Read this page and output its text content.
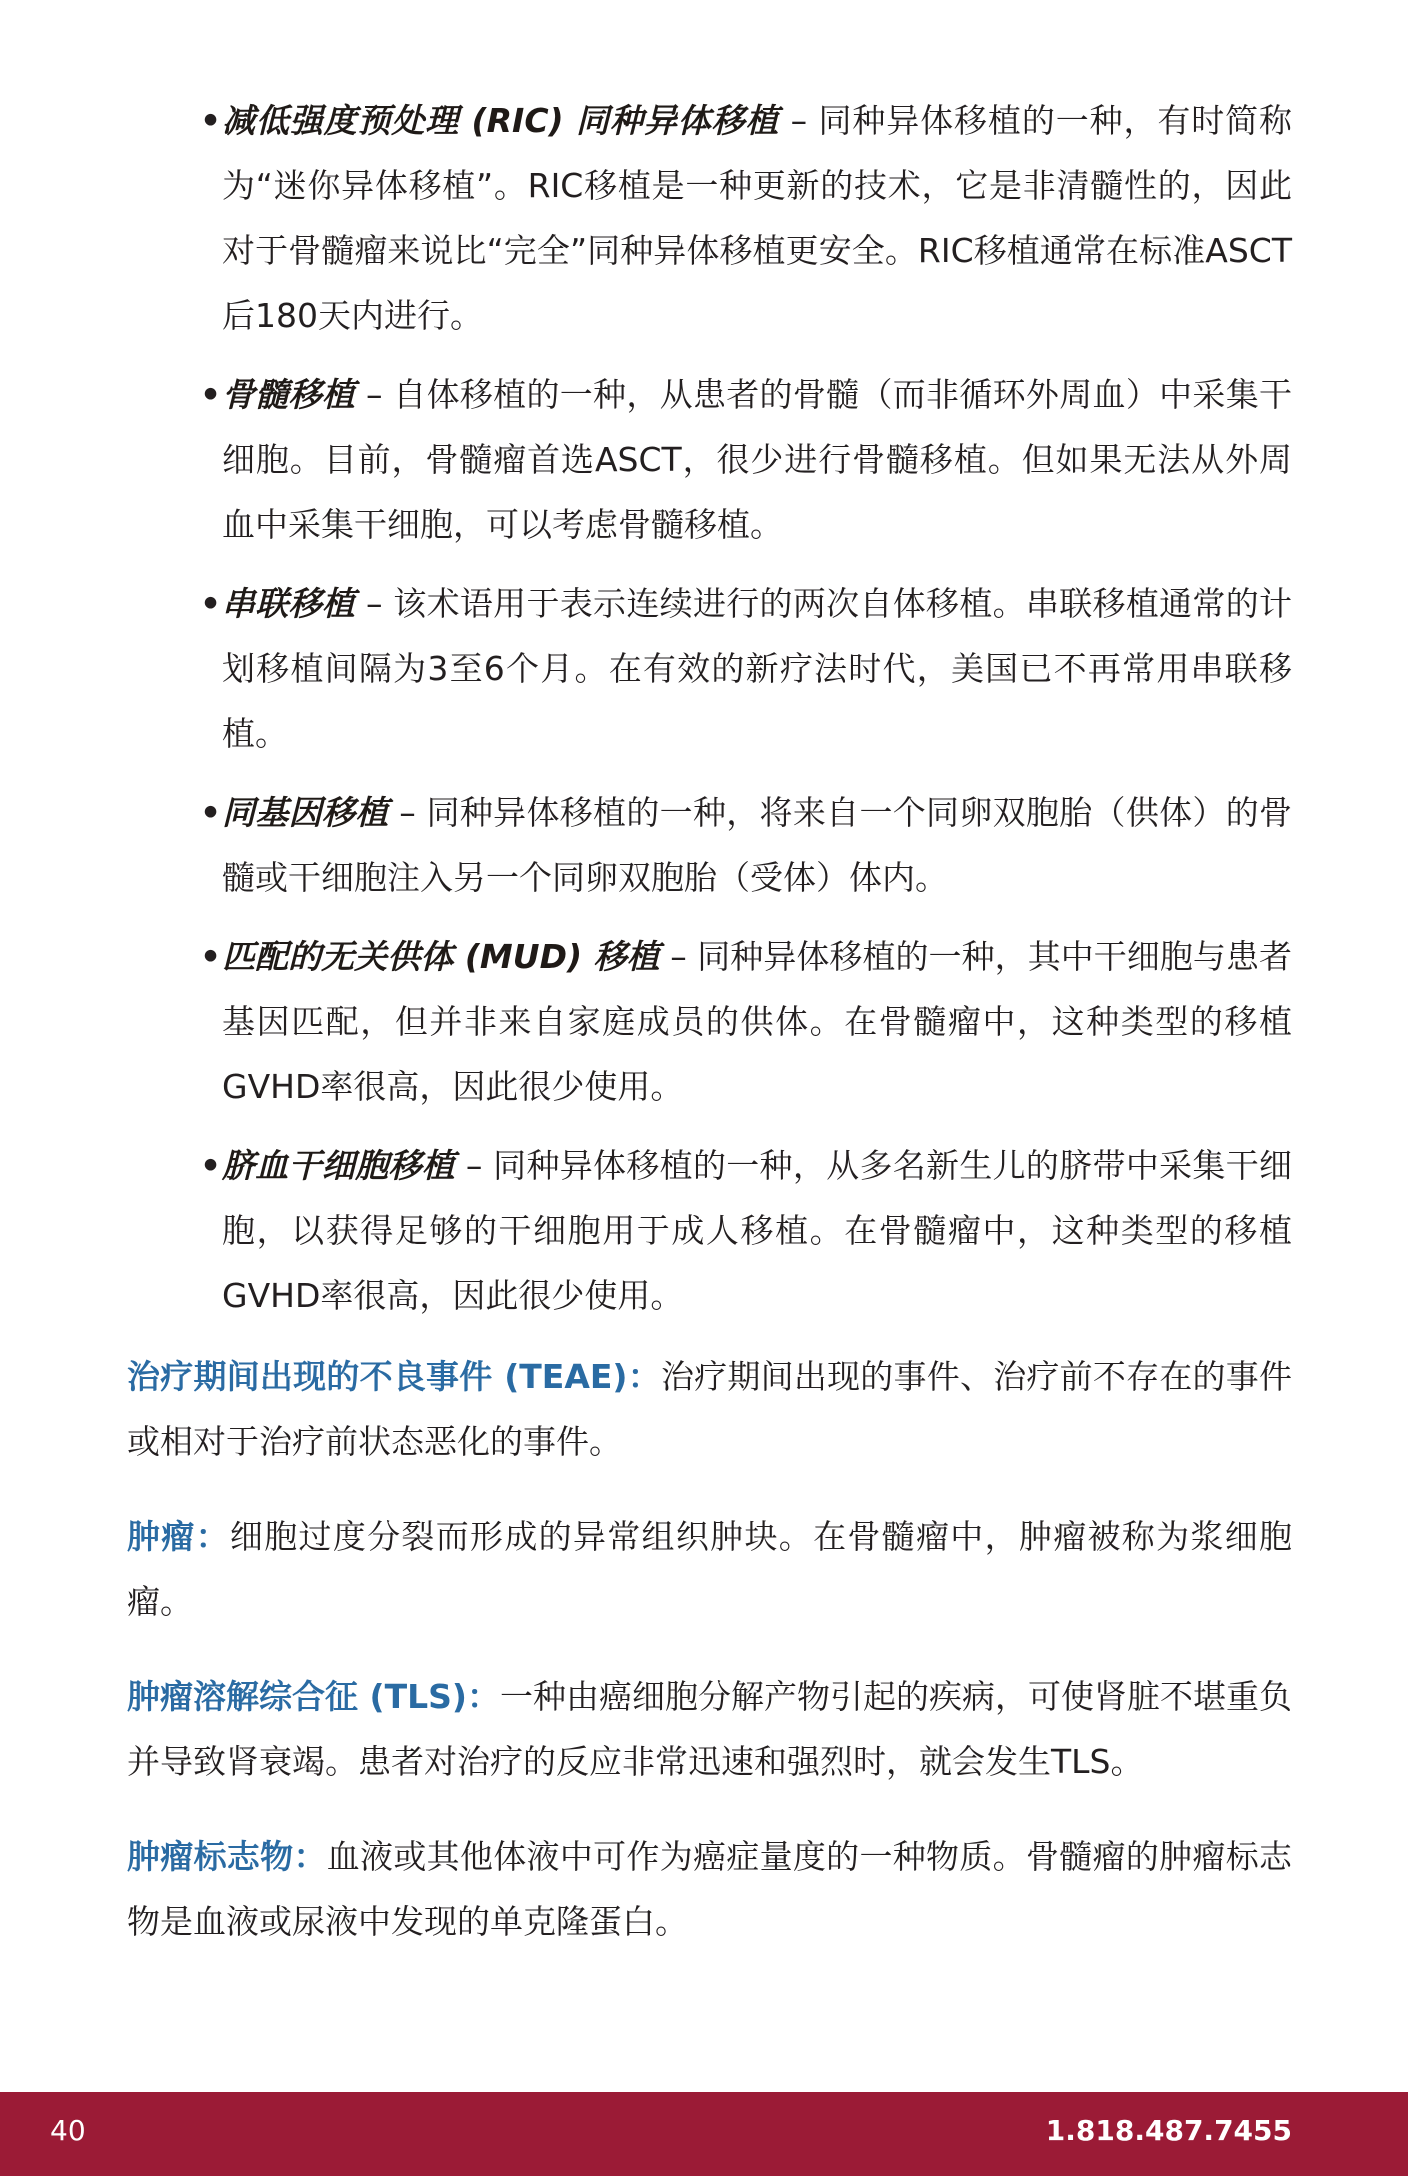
• 减低强度预处理 (RIC) 同种异体移植 – 同种异体移植的一种，有时简称为“迷你异体移植”。RIC移植是一种更新的技术，它是非清髓性的，因此对于骨髓瘤来说比“完全”同种异体移植更安全。RIC移植通常在标准ASCT后180天内进行。
• 骨髓移植 – 自体移植的一种，从患者的骨髓（而非循环外周血）中采集干细胞。目前，骨髓瘤首选ASCT，很少进行骨髓移植。但如果无法从外周血中采集干细胞，可以考虑骨髓移植。
• 串联移植 – 该术语用于表示连续进行的两次自体移植。串联移植通常的计划移植间隔为3至6个月。在有效的新疗法时代，美国已不再常用串联移植。
• 同基因移植 – 同种异体移植的一种，将来自一个同卵双胞胎（供体）的骨髓或干细胞注入另一个同卵双胞胎（受体）体内。
• 匹配的无关供体 (MUD) 移植 – 同种异体移植的一种，其中干细胞与患者基因匹配，但并非来自家庭成员的供体。在骨髓瘤中，这种类型的移植GVHD率很高，因此很少使用。
• 脐血干细胞移植 – 同种异体移植的一种，从多名新生儿的脐带中采集干细胞，以获得足够的干细胞用于成人移植。在骨髓瘤中，这种类型的移植GVHD率很高，因此很少使用。

治疗期间出现的不良事件 (TEAE)：治疗期间出现的事件、治疗前不存在的事件或相对于治疗前状态恶化的事件。

肿瘤：细胞过度分裂而形成的异常组织肿块。在骨髓瘤中，肿瘤被称为浆细胞瘤。

肿瘤溶解综合征 (TLS)：一种由癌细胞分解产物引起的疾病，可使肾脏不堪重负并导致肾衰竭。患者对治疗的反应非常迅速和强烈时，就会发生TLS。

肿瘤标志物：血液或其他体液中可作为癌症量度的一种物质。骨髓瘤的肿瘤标志物是血液或尿液中发现的单克隆蛋白。

40	1.818.487.7455
